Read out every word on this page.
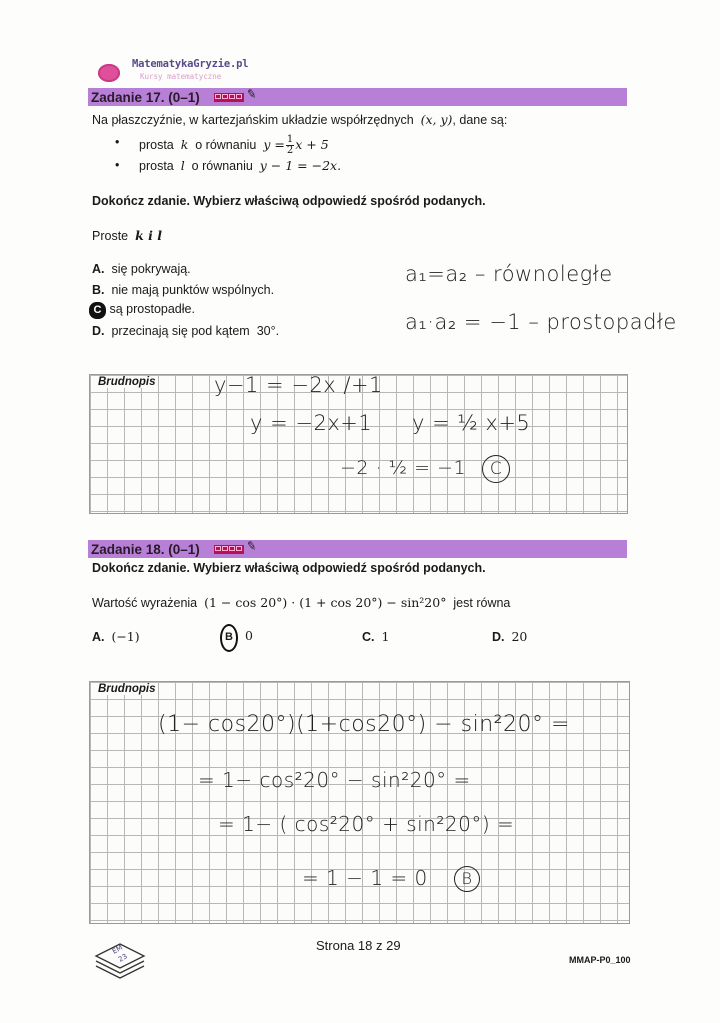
MatematykaGryzie.pl
Kursy matematyczne
Zadanie 17. (0–1)	✎
Na płaszczyźnie, w kartezjańskim układzie współrzędnych (x, y), dane są:
• prosta k o równaniu $y = \frac{1}{2}$ x + 5
• prosta l o równaniu y − 1 = −2x.
Dokończ zdanie. Wybierz właściwą odpowiedź spośród podanych.
Proste k i l
A. się pokrywają.
B. nie mają punktów wspólnych.
C są prostopadłe.
D. przecinają się pod kątem 30°.
a₁=a₂ – równoległe
a₁·a₂ = −1 – prostopadłe
Brudnopis	y−1 = −2x /+1
y = −2x+1 y = ½ x+5
−2 · ½ = −1	C
Zadanie 18. (0–1)	✎
Dokończ zdanie. Wybierz właściwą odpowiedź spośród podanych.
Wartość wyrażenia (1 − cos 20°) · (1 + cos 20°) − sin²20° jest równa
A. (−1)	B 0	C. 1	D. 20
Brudnopis
(1− cos20°)(1+cos20°) − sin²20° =
= 1− cos²20° − sin²20° =
= 1− ( cos²20° + sin²20°) =
= 1 − 1 = 0	B
EM
23
Strona 18 z 29
MMAP-P0_100
